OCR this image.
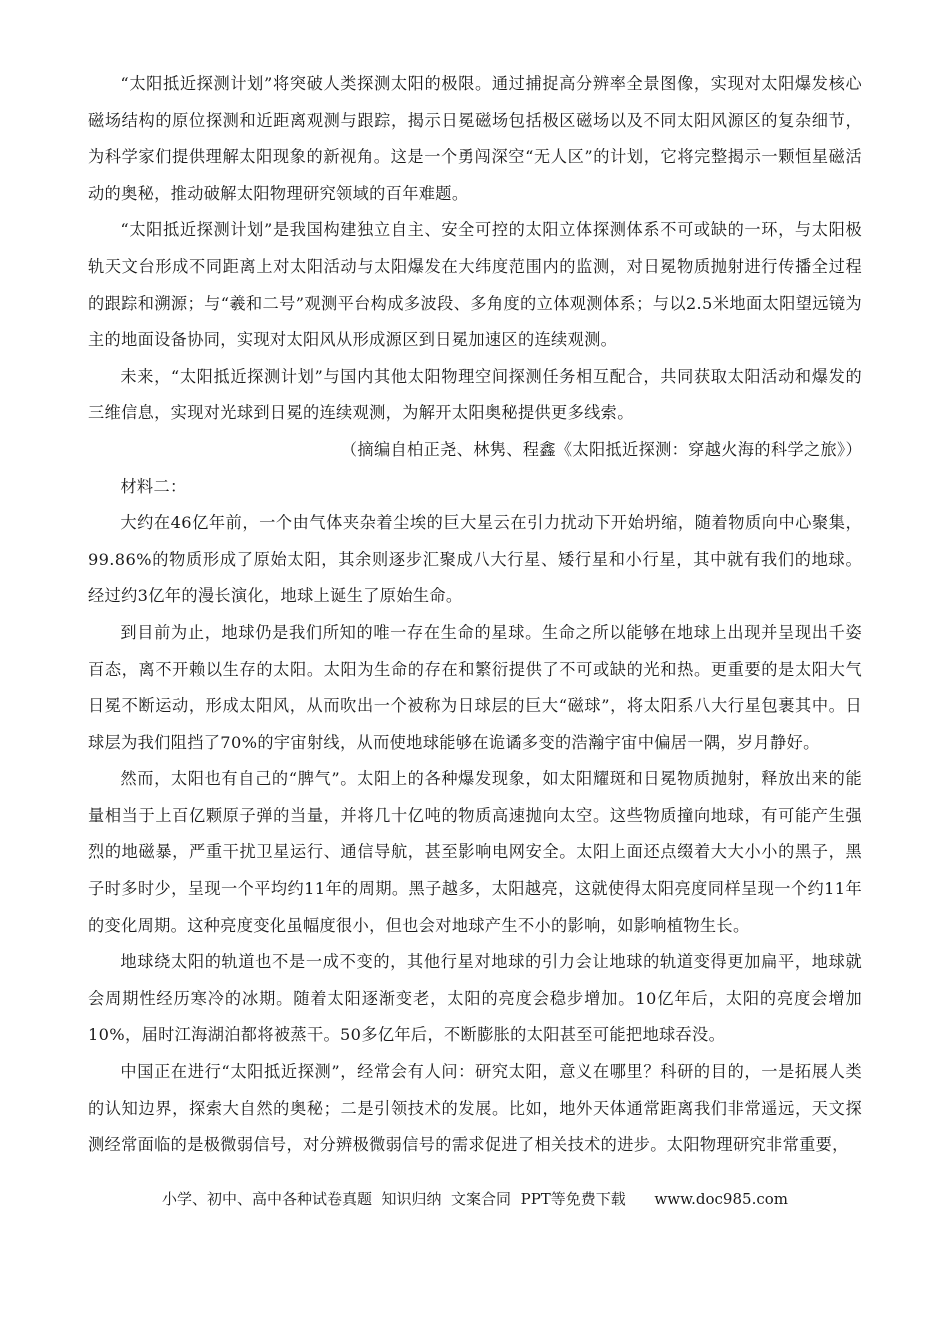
“太阳抵近探测计划”将突破人类探测太阳的极限。通过捕捉高分辨率全景图像，实现对太阳爆发核心磁场结构的原位探测和近距离观测与跟踪，揭示日冕磁场包括极区磁场以及不同太阳风源区的复杂细节，为科学家们提供理解太阳现象的新视角。这是一个勇闯深空“无人区”的计划，它将完整揭示一颗恒星磁活动的奥秘，推动破解太阳物理研究领域的百年难题。

“太阳抵近探测计划”是我国构建独立自主、安全可控的太阳立体探测体系不可或缺的一环，与太阳极轨天文台形成不同距离上对太阳活动与太阳爆发在大纬度范围内的监测，对日冕物质抛射进行传播全过程的跟踪和溯源；与“羲和二号”观测平台构成多波段、多角度的立体观测体系；与以2.5米地面太阳望远镜为主的地面设备协同，实现对太阳风从形成源区到日冕加速区的连续观测。

未来，“太阳抵近探测计划”与国内其他太阳物理空间探测任务相互配合，共同获取太阳活动和爆发的三维信息，实现对光球到日冕的连续观测，为解开太阳奥秘提供更多线索。

（摘编自柏正尧、林隽、程鑫《太阳抵近探测：穿越火海的科学之旅》）

材料二：

大约在46亿年前，一个由气体夹杂着尘埃的巨大星云在引力扰动下开始坍缩，随着物质向中心聚集，99.86%的物质形成了原始太阳，其余则逐步汇聚成八大行星、矮行星和小行星，其中就有我们的地球。经过约3亿年的漫长演化，地球上诞生了原始生命。

到目前为止，地球仍是我们所知的唯一存在生命的星球。生命之所以能够在地球上出现并呈现出千姿百态，离不开赖以生存的太阳。太阳为生命的存在和繁衍提供了不可或缺的光和热。更重要的是太阳大气日冕不断运动，形成太阳风，从而吹出一个被称为日球层的巨大“磁球”，将太阳系八大行星包裹其中。日球层为我们阻挡了70%的宇宙射线，从而使地球能够在诡谲多变的浩瀚宇宙中偏居一隅，岁月静好。

然而，太阳也有自己的“脾气”。太阳上的各种爆发现象，如太阳耀斑和日冕物质抛射，释放出来的能量相当于上百亿颗原子弹的当量，并将几十亿吨的物质高速抛向太空。这些物质撞向地球，有可能产生强烈的地磁暴，严重干扰卫星运行、通信导航，甚至影响电网安全。太阳上面还点缀着大大小小的黑子，黑子时多时少，呈现一个平均约11年的周期。黑子越多，太阳越亮，这就使得太阳亮度同样呈现一个约11年的变化周期。这种亮度变化虽幅度很小，但也会对地球产生不小的影响，如影响植物生长。

地球绕太阳的轨道也不是一成不变的，其他行星对地球的引力会让地球的轨道变得更加扁平，地球就会周期性经历寒冷的冰期。随着太阳逐渐变老，太阳的亮度会稳步增加。10亿年后，太阳的亮度会增加10%，届时江海湖泊都将被蒸干。50多亿年后，不断膨胀的太阳甚至可能把地球吞没。

中国正在进行“太阳抵近探测”，经常会有人问：研究太阳，意义在哪里？科研的目的，一是拓展人类的认知边界，探索大自然的奥秘；二是引领技术的发展。比如，地外天体通常距离我们非常遥远，天文探测经常面临的是极微弱信号，对分辨极微弱信号的需求促进了相关技术的进步。太阳物理研究非常重要，

小学、初中、高中各种试卷真题  知识归纳  文案合同  PPT等免费下载      www.doc985.com
